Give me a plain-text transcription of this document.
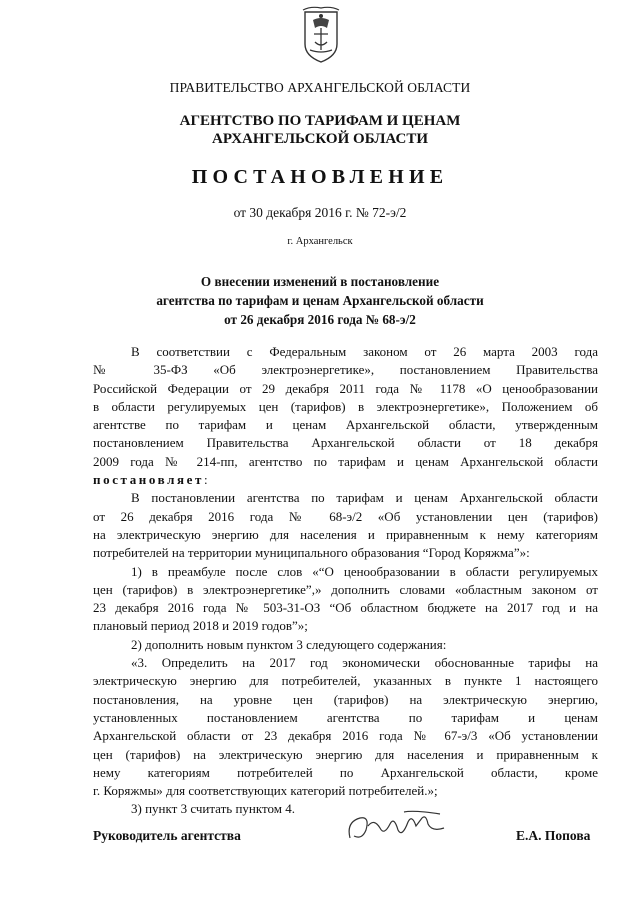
ПРАВИТЕЛЬСТВО АРХАНГЕЛЬСКОЙ ОБЛАСТИ
АГЕНТСТВО ПО ТАРИФАМ И ЦЕНАМ
АРХАНГЕЛЬСКОЙ ОБЛАСТИ
ПОСТАНОВЛЕНИЕ
от 30 декабря 2016 г. № 72-э/2
г. Архангельск
О внесении изменений в постановление
агентства по тарифам и ценам Архангельской области
от 26 декабря 2016 года № 68-э/2
В соответствии с Федеральным законом от 26 марта 2003 года
№ 35-ФЗ «Об электроэнергетике», постановлением Правительства
Российской Федерации от 29 декабря 2011 года № 1178 «О ценообразовании
в области регулируемых цен (тарифов) в электроэнергетике», Положением об
агентстве по тарифам и ценам Архангельской области, утвержденным
постановлением Правительства Архангельской области от 18 декабря
2009 года № 214-пп, агентство по тарифам и ценам Архангельской области
постановляет:
В постановлении агентства по тарифам и ценам Архангельской области
от 26 декабря 2016 года № 68-э/2 «Об установлении цен (тарифов)
на электрическую энергию для населения и приравненным к нему категориям
потребителей на территории муниципального образования “Город Коряжма”»:
1) в преамбуле после слов «“О ценообразовании в области регулируемых
цен (тарифов) в электроэнергетике”,» дополнить словами «областным законом от
23 декабря 2016 года № 503-31-ОЗ “Об областном бюджете на 2017 год и на
плановый период 2018 и 2019 годов”»;
2) дополнить новым пунктом 3 следующего содержания:
«3. Определить на 2017 год экономически обоснованные тарифы на
электрическую энергию для потребителей, указанных в пункте 1 настоящего
постановления, на уровне цен (тарифов) на электрическую энергию,
установленных постановлением агентства по тарифам и ценам
Архангельской области от 23 декабря 2016 года № 67-э/3 «Об установлении
цен (тарифов) на электрическую энергию для населения и приравненным к
нему категориям потребителей по Архангельской области, кроме
г. Коряжмы» для соответствующих категорий потребителей.»;
3) пункт 3 считать пунктом 4.
Руководитель агентства	Е.А. Попова
